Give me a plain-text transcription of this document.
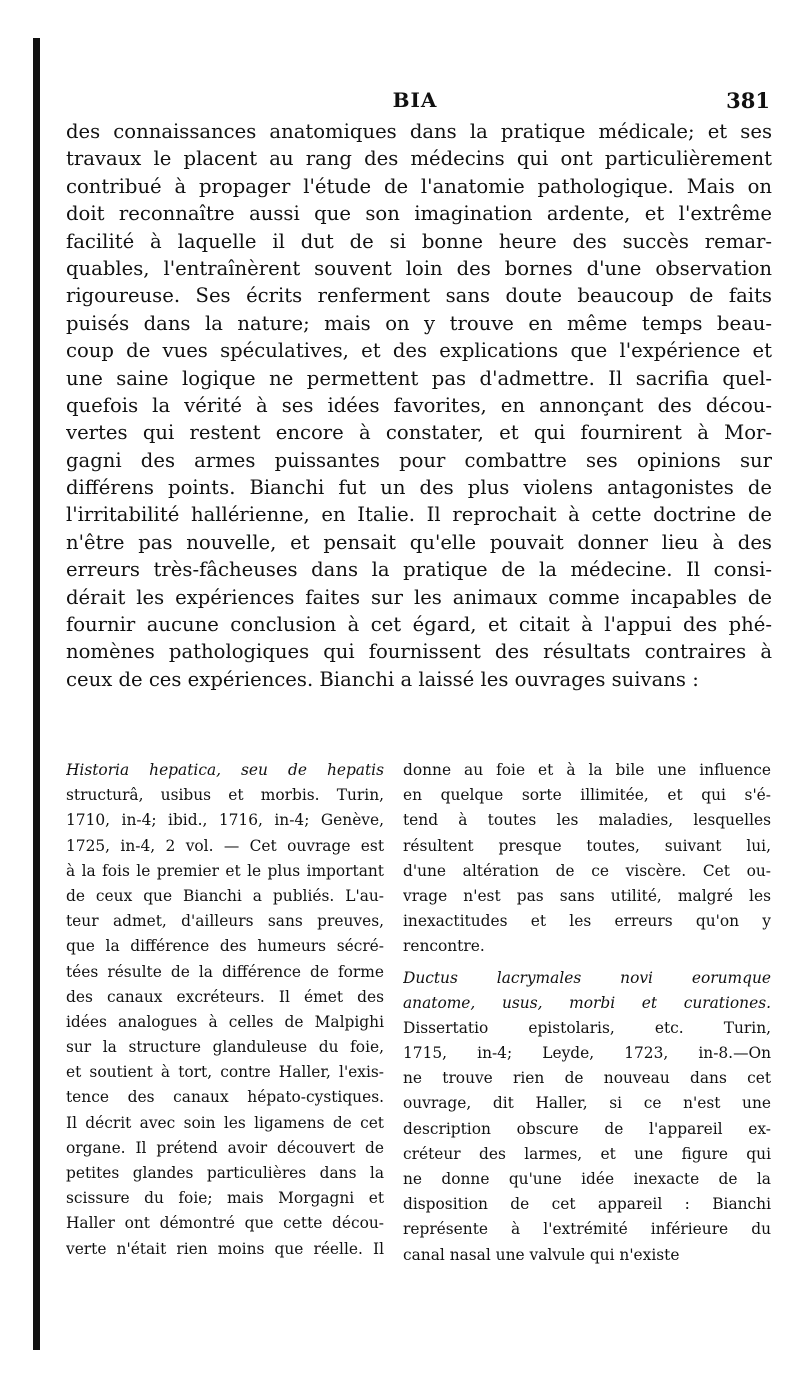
BIA	381
des connaissances anatomiques dans la pratique médicale; et ses
travaux le placent au rang des médecins qui ont particulièrement
contribué à propager l'étude de l'anatomie pathologique. Mais on
doit reconnaître aussi que son imagination ardente, et l'extrême
facilité à laquelle il dut de si bonne heure des succès remar-
quables, l'entraînèrent souvent loin des bornes d'une observation
rigoureuse. Ses écrits renferment sans doute beaucoup de faits
puisés dans la nature; mais on y trouve en même temps beau-
coup de vues spéculatives, et des explications que l'expérience et
une saine logique ne permettent pas d'admettre. Il sacrifia quel-
quefois la vérité à ses idées favorites, en annonçant des décou-
vertes qui restent encore à constater, et qui fournirent à Mor-
gagni des armes puissantes pour combattre ses opinions sur
différens points. Bianchi fut un des plus violens antagonistes de
l'irritabilité hallérienne, en Italie. Il reprochait à cette doctrine de
n'être pas nouvelle, et pensait qu'elle pouvait donner lieu à des
erreurs très-fâcheuses dans la pratique de la médecine. Il consi-
dérait les expériences faites sur les animaux comme incapables de
fournir aucune conclusion à cet égard, et citait à l'appui des phé-
nomènes pathologiques qui fournissent des résultats contraires à
ceux de ces expériences. Bianchi a laissé les ouvrages suivans :
Historia hepatica, seu de hepatis
structurâ, usibus et morbis. Turin,
1710, in-4; ibid., 1716, in-4; Genève,
1725, in-4, 2 vol. — Cet ouvrage est
à la fois le premier et le plus important
de ceux que Bianchi a publiés. L'au-
teur admet, d'ailleurs sans preuves,
que la différence des humeurs sécré-
tées résulte de la différence de forme
des canaux excréteurs. Il émet des
idées analogues à celles de Malpighi
sur la structure glanduleuse du foie,
et soutient à tort, contre Haller, l'exis-
tence des canaux hépato-cystiques.
Il décrit avec soin les ligamens de cet
organe. Il prétend avoir découvert de
petites glandes particulières dans la
scissure du foie; mais Morgagni et
Haller ont démontré que cette décou-
verte n'était rien moins que réelle. Il
donne au foie et à la bile une influence
en quelque sorte illimitée, et qui s'é-
tend à toutes les maladies, lesquelles
résultent presque toutes, suivant lui,
d'une altération de ce viscère. Cet ou-
vrage n'est pas sans utilité, malgré les
inexactitudes et les erreurs qu'on y
rencontre.
Ductus lacrymales novi eorumque
anatome, usus, morbi et curationes.
Dissertatio epistolaris, etc. Turin,
1715, in-4; Leyde, 1723, in-8.—On
ne trouve rien de nouveau dans cet
ouvrage, dit Haller, si ce n'est une
description obscure de l'appareil ex-
créteur des larmes, et une figure qui
ne donne qu'une idée inexacte de la
disposition de cet appareil : Bianchi
représente à l'extrémité inférieure du
canal nasal une valvule qui n'existe
